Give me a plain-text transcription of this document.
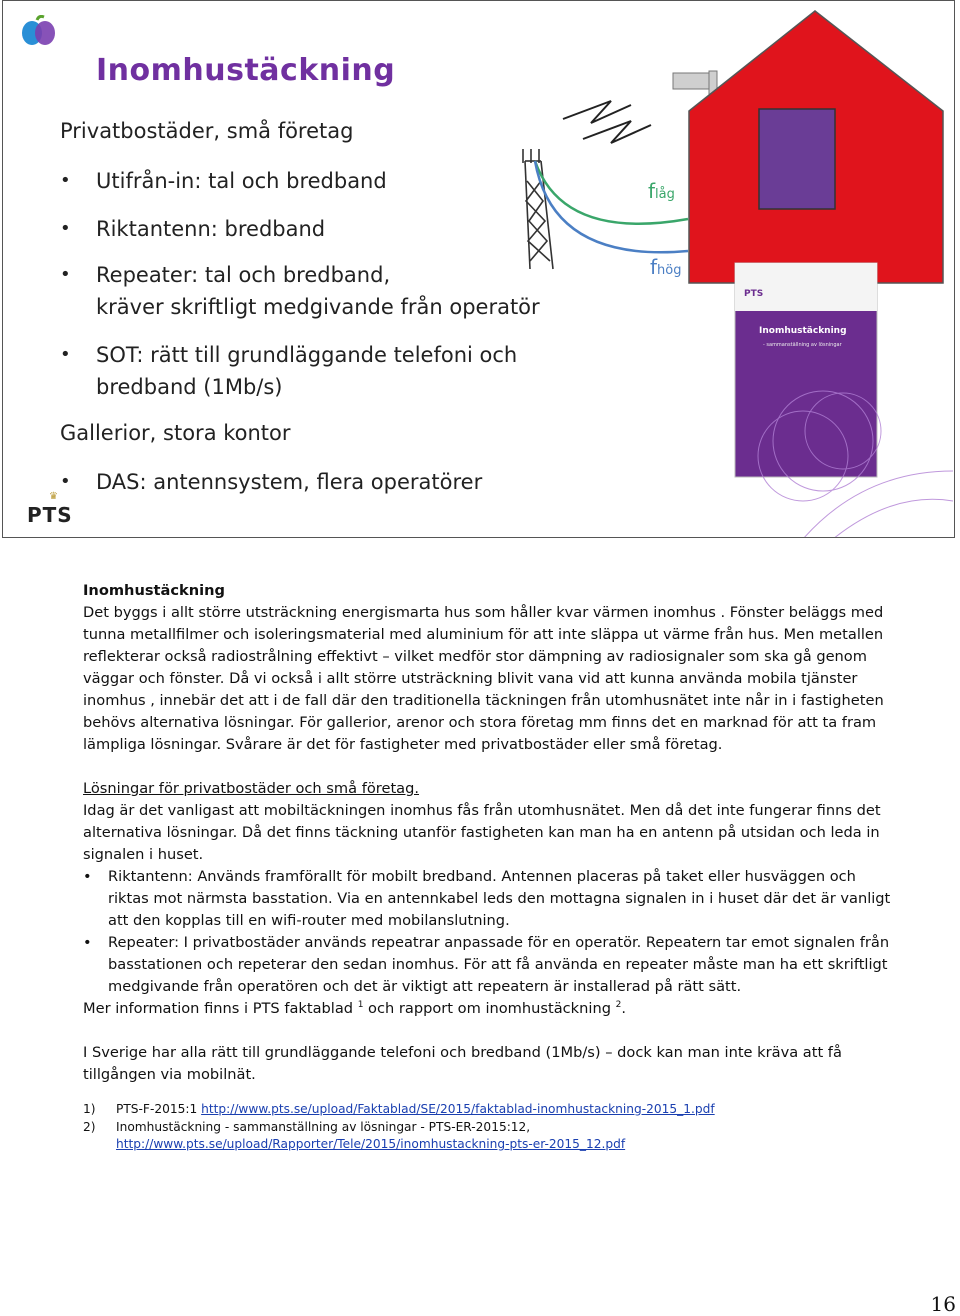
Inomhustäckning
Privatbostäder, små företag
• Utifrån-in: tal och bredband
• Riktantenn: bredband
• Repeater: tal och bredband,
kräver skriftligt medgivande från operatör
• SOT: rätt till grundläggande telefoni och
bredband (1Mb/s)
Gallerior, stora kontor
• DAS: antennsystem, flera operatörer
♛
PTS
PTS
Inomhustäckning
- sammanställning av lösningar
flåg
fhög

Inomhustäckning

Det byggs i allt större utsträckning energismarta hus som håller kvar värmen inomhus . Fönster beläggs med tunna metallfilmer och isoleringsmaterial med aluminium för att inte släppa ut värme från hus. Men metallen reflekterar också radiostrålning effektivt – vilket medför stor dämpning av radiosignaler som ska gå genom väggar och fönster. Då vi också i allt större utsträckning blivit vana vid att kunna använda mobila tjänster inomhus , innebär det att i de fall där den traditionella täckningen från utomhusnätet inte når in i fastigheten behövs alternativa lösningar. För gallerior, arenor och stora företag mm finns det en marknad för att ta fram lämpliga lösningar. Svårare är det för fastigheter med privatbostäder eller små företag.

Lösningar för privatbostäder och små företag.

Idag är det vanligast att mobiltäckningen inomhus fås från utomhusnätet. Men då det inte fungerar finns det alternativa lösningar. Då det finns täckning utanför fastigheten kan man ha en antenn på utsidan och leda in signalen i huset.

• Riktantenn: Används framförallt för mobilt bredband. Antennen placeras på taket eller husväggen och riktas mot närmsta basstation. Via en antennkabel leds den mottagna signalen in i huset där det är vanligt att den kopplas till en wifi-router med mobilanslutning.
• Repeater: I privatbostäder används repeatrar anpassade för en operatör. Repeatern tar emot signalen från basstationen och repeterar den sedan inomhus. För att få använda en repeater måste man ha ett skriftligt medgivande från operatören och det är viktigt att repeatern är installerad på rätt sätt.

Mer information finns i PTS faktablad $^1$ och rapport om inomhustäckning $^2$.

I Sverige har alla rätt till grundläggande telefoni och bredband (1Mb/s) – dock kan man inte kräva att få tillgången via mobilnät.

1) PTS-F-2015:1 http://www.pts.se/upload/Faktablad/SE/2015/faktablad-inomhustackning-2015_1.pdf
2) Inomhustäckning - sammanställning av lösningar - PTS-ER-2015:12,
http://www.pts.se/upload/Rapporter/Tele/2015/inomhustackning-pts-er-2015_12.pdf
16
